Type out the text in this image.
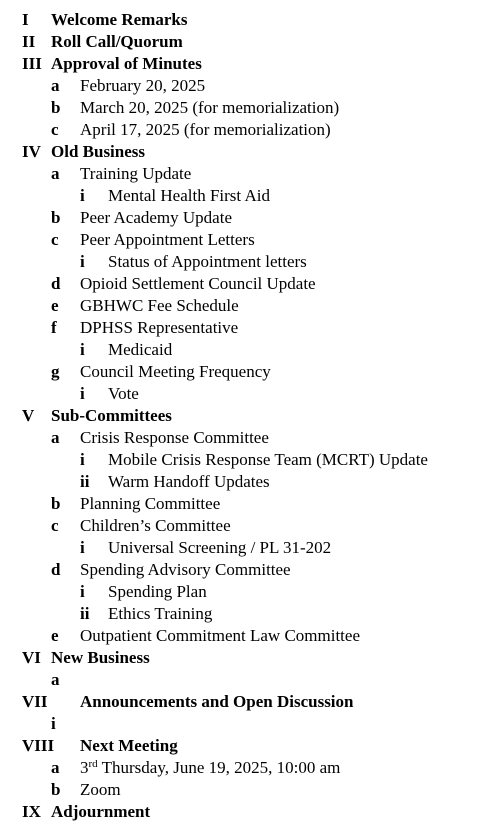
I Welcome Remarks
II Roll Call/Quorum
III Approval of Minutes
a February 20, 2025
b March 20, 2025 (for memorialization)
c April 17, 2025 (for memorialization)
IV Old Business
a Training Update
i Mental Health First Aid
b Peer Academy Update
c Peer Appointment Letters
i Status of Appointment letters
d Opioid Settlement Council Update
e GBHWC Fee Schedule
f DPHSS Representative
i Medicaid
g Council Meeting Frequency
i Vote
V Sub-Committees
a Crisis Response Committee
i Mobile Crisis Response Team (MCRT) Update
ii Warm Handoff Updates
b Planning Committee
c Children’s Committee
i Universal Screening / PL 31-202
d Spending Advisory Committee
i Spending Plan
ii Ethics Training
e Outpatient Commitment Law Committee
VI New Business
a
VII Announcements and Open Discussion
i
VIII Next Meeting
a 3rd Thursday, June 19, 2025, 10:00 am
b Zoom
IX Adjournment
